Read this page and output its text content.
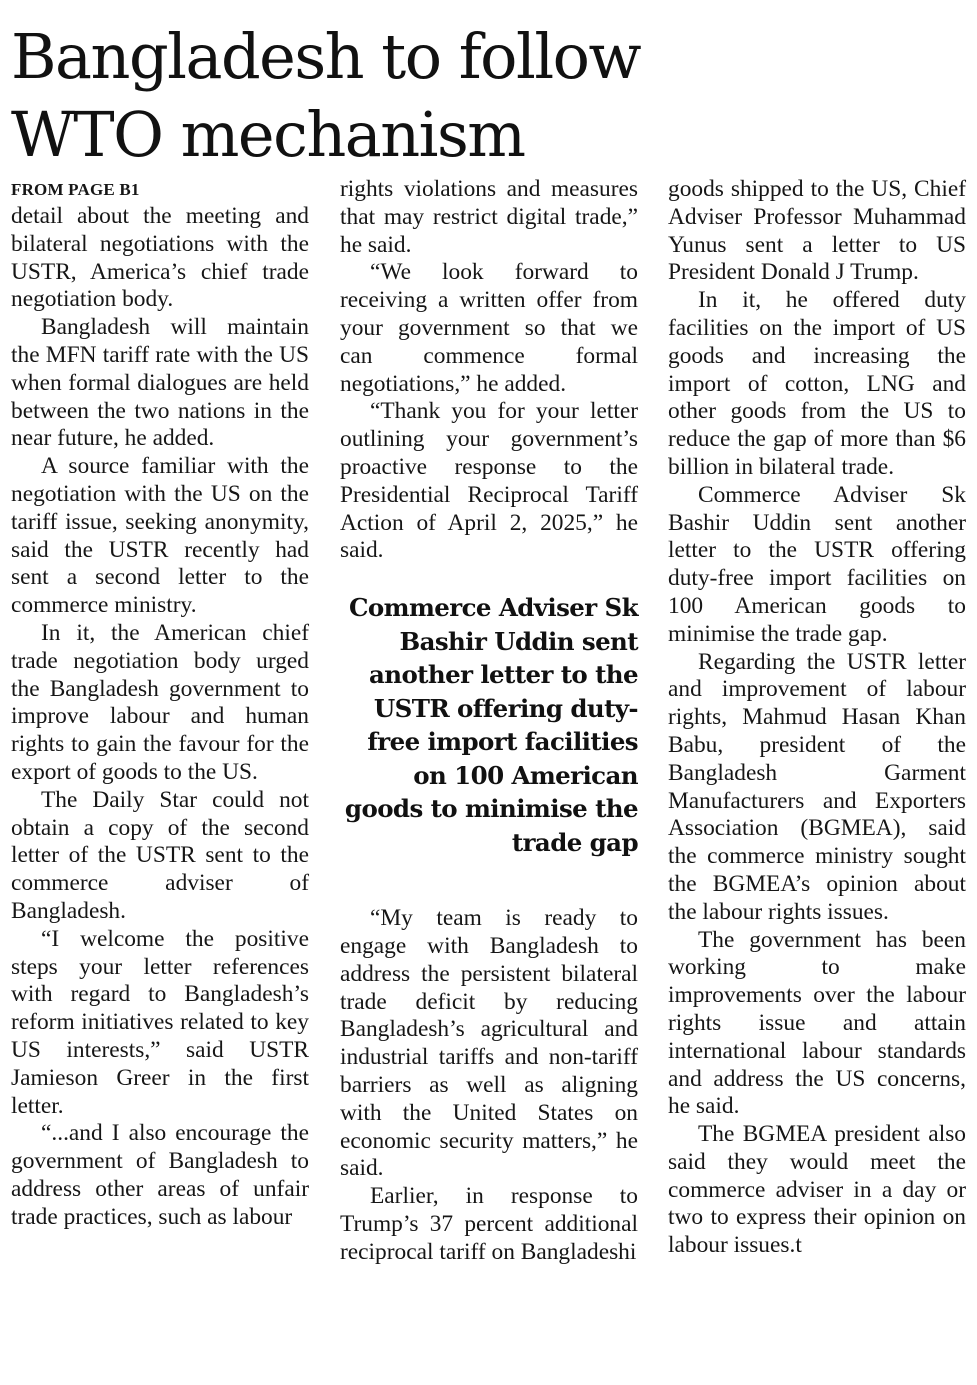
Bangladesh to follow WTO mechanism

FROM PAGE B1

detail about the meeting and bilateral negotiations with the USTR, America’s chief trade negotiation body.

Bangladesh will maintain the MFN tariff rate with the US when formal dialogues are held between the two nations in the near future, he added.

A source familiar with the negotiation with the US on the tariff issue, seeking anonymity, said the USTR recently had sent a second letter to the commerce ministry.

In it, the American chief trade negotiation body urged the Bangladesh government to improve labour and human rights to gain the favour for the export of goods to the US.

The Daily Star could not obtain a copy of the second letter of the USTR sent to the commerce adviser of Bangladesh.

“I welcome the positive steps your letter references with regard to Bangladesh’s reform initiatives related to key US interests,” said USTR Jamieson Greer in the first letter.

“...and I also encourage the government of Bangladesh to address other areas of unfair trade practices, such as labour

rights violations and measures that may restrict digital trade,” he said.

“We look forward to receiving a written offer from your government so that we can commence formal negotiations,” he added.

“Thank you for your letter outlining your government’s proactive response to the Presidential Reciprocal Tariff Action of April 2, 2025,” he said.

Commerce Adviser Sk Bashir Uddin sent another letter to the USTR offering duty-free import facilities on 100 American goods to minimise the trade gap

“My team is ready to engage with Bangladesh to address the persistent bilateral trade deficit by reducing Bangladesh’s agricultural and industrial tariffs and non-tariff barriers as well as aligning with the United States on economic security matters,” he said.

Earlier, in response to Trump’s 37 percent additional reciprocal tariff on Bangladeshi

goods shipped to the US, Chief Adviser Professor Muhammad Yunus sent a letter to US President Donald J Trump.

In it, he offered duty facilities on the import of US goods and increasing the import of cotton, LNG and other goods from the US to reduce the gap of more than $6 billion in bilateral trade.

Commerce Adviser Sk Bashir Uddin sent another letter to the USTR offering duty-free import facilities on 100 American goods to minimise the trade gap.

Regarding the USTR letter and improvement of labour rights, Mahmud Hasan Khan Babu, president of the Bangladesh Garment Manufacturers and Exporters Association (BGMEA), said the commerce ministry sought the BGMEA’s opinion about the labour rights issues.

The government has been working to make improvements over the labour rights issue and attain international labour standards and address the US concerns, he said.

The BGMEA president also said they would meet the commerce adviser in a day or two to express their opinion on labour issues.t
